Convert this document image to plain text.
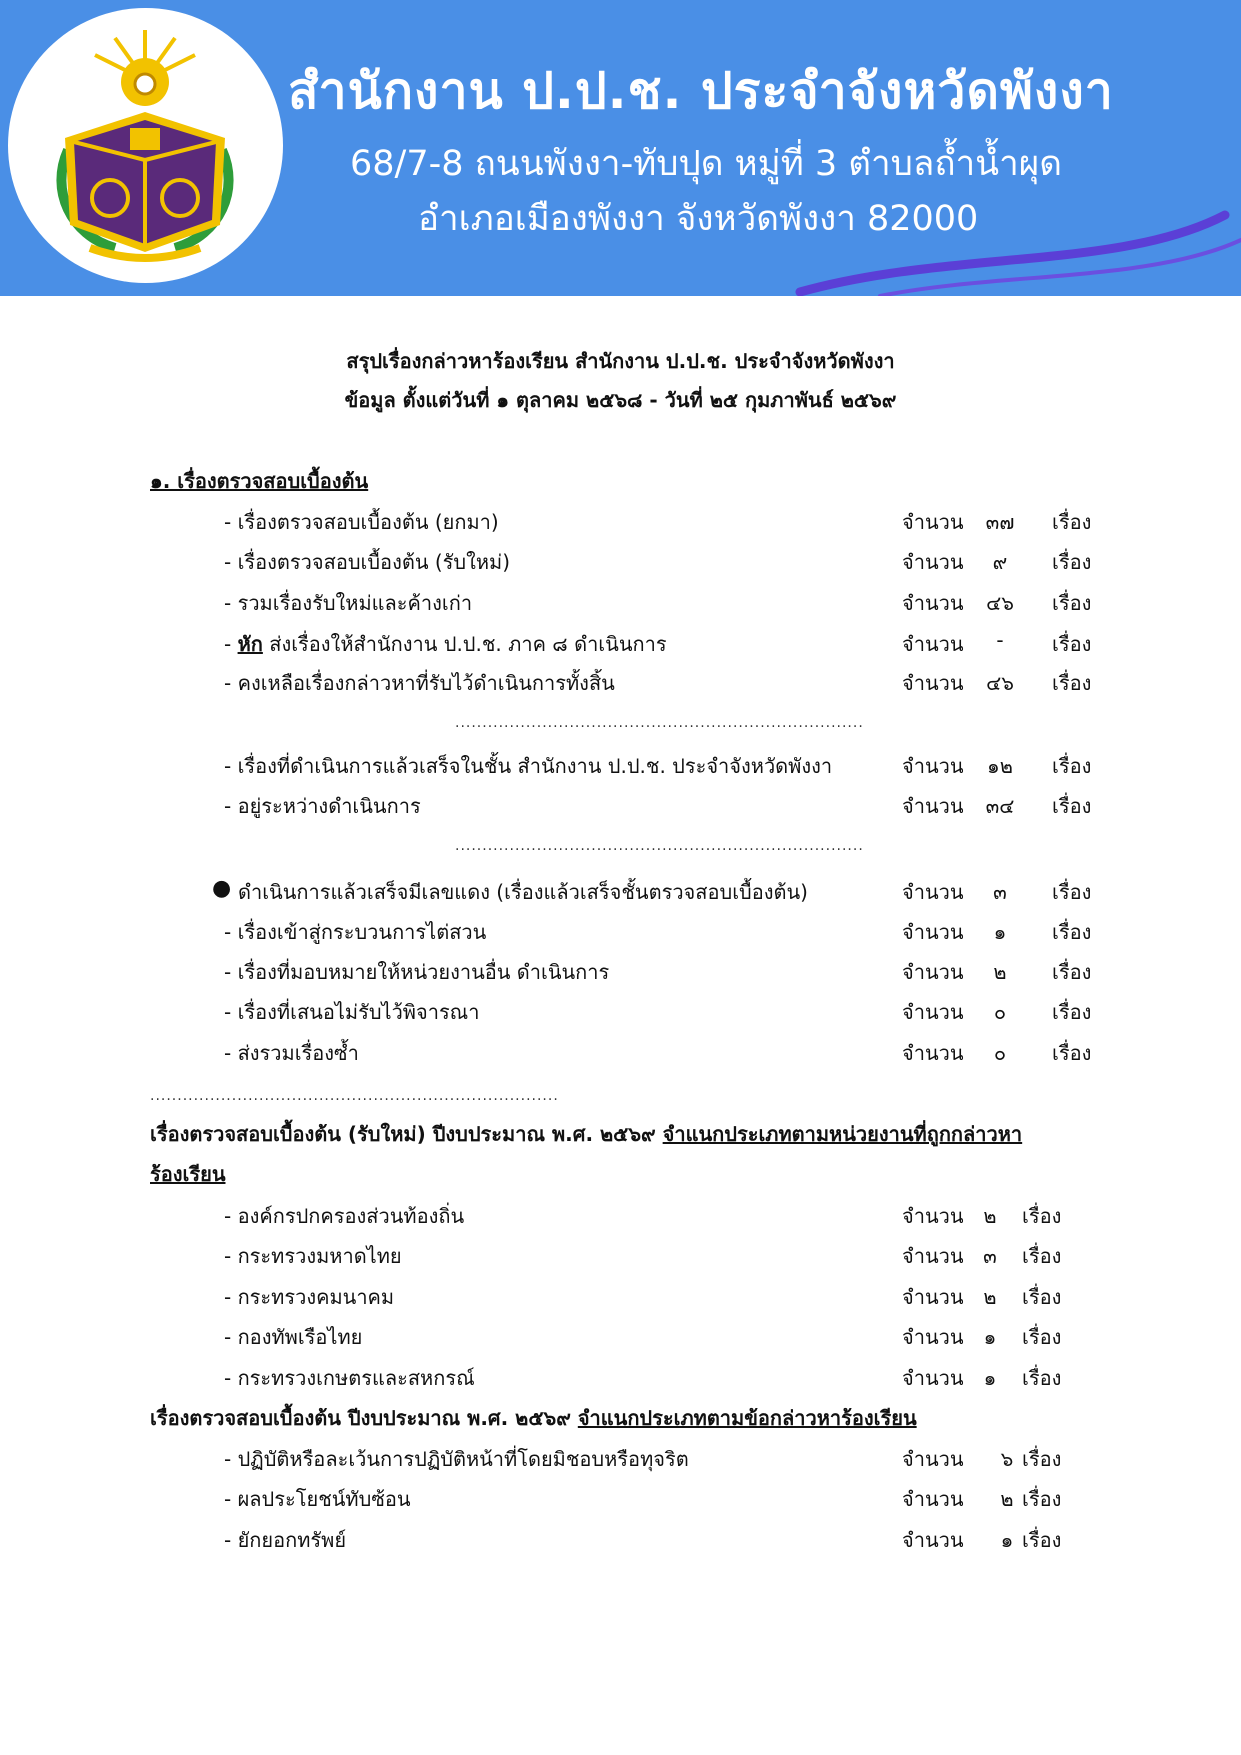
สำนักงาน ป.ป.ช. ประจำจังหวัดพังงา
68/7-8 ถนนพังงา-ทับปุด หมู่ที่ 3 ตำบลถ้ำน้ำผุด
อำเภอเมืองพังงา จังหวัดพังงา 82000
สรุปเรื่องกล่าวหาร้องเรียน สำนักงาน ป.ป.ช. ประจำจังหวัดพังงา
ข้อมูล ตั้งแต่วันที่ ๑ ตุลาคม ๒๕๖๘ - วันที่ ๒๕ กุมภาพันธ์ ๒๕๖๙
๑. เรื่องตรวจสอบเบื้องต้น
- เรื่องตรวจสอบเบื้องต้น (ยกมา)	จำนวน	๓๗	เรื่อง
- เรื่องตรวจสอบเบื้องต้น (รับใหม่)	จำนวน	๙	เรื่อง
- รวมเรื่องรับใหม่และค้างเก่า	จำนวน	๔๖	เรื่อง
- หัก ส่งเรื่องให้สำนักงาน ป.ป.ช. ภาค ๘ ดำเนินการ	จำนวน	-	เรื่อง
- คงเหลือเรื่องกล่าวหาที่รับไว้ดำเนินการทั้งสิ้น	จำนวน	๔๖	เรื่อง
...........................................................................
- เรื่องที่ดำเนินการแล้วเสร็จในชั้น สำนักงาน ป.ป.ช. ประจำจังหวัดพังงา	จำนวน	๑๒	เรื่อง
- อยู่ระหว่างดำเนินการ	จำนวน	๓๔	เรื่อง
...........................................................................
● ดำเนินการแล้วเสร็จมีเลขแดง (เรื่องแล้วเสร็จชั้นตรวจสอบเบื้องต้น)	จำนวน	๓	เรื่อง
- เรื่องเข้าสู่กระบวนการไต่สวน	จำนวน	๑	เรื่อง
- เรื่องที่มอบหมายให้หน่วยงานอื่น ดำเนินการ	จำนวน	๒	เรื่อง
- เรื่องที่เสนอไม่รับไว้พิจารณา	จำนวน	๐	เรื่อง
- ส่งรวมเรื่องซ้ำ	จำนวน	๐	เรื่อง
...........................................................................
เรื่องตรวจสอบเบื้องต้น (รับใหม่) ปีงบประมาณ พ.ศ. ๒๕๖๙ จำแนกประเภทตามหน่วยงานที่ถูกกล่าวหา
ร้องเรียน
- องค์กรปกครองส่วนท้องถิ่น	จำนวน ๒	เรื่อง
- กระทรวงมหาดไทย	จำนวน ๓	เรื่อง
- กระทรวงคมนาคม	จำนวน ๒	เรื่อง
- กองทัพเรือไทย	จำนวน	๑	เรื่อง
- กระทรวงเกษตรและสหกรณ์	จำนวน	๑	เรื่อง
เรื่องตรวจสอบเบื้องต้น ปีงบประมาณ พ.ศ. ๒๕๖๙ จำแนกประเภทตามข้อกล่าวหาร้องเรียน
- ปฏิบัติหรือละเว้นการปฏิบัติหน้าที่โดยมิชอบหรือทุจริต	จำนวน	๖ เรื่อง
- ผลประโยชน์ทับซ้อน	จำนวน	๒ เรื่อง
- ยักยอกทรัพย์	จำนวน	๑ เรื่อง
